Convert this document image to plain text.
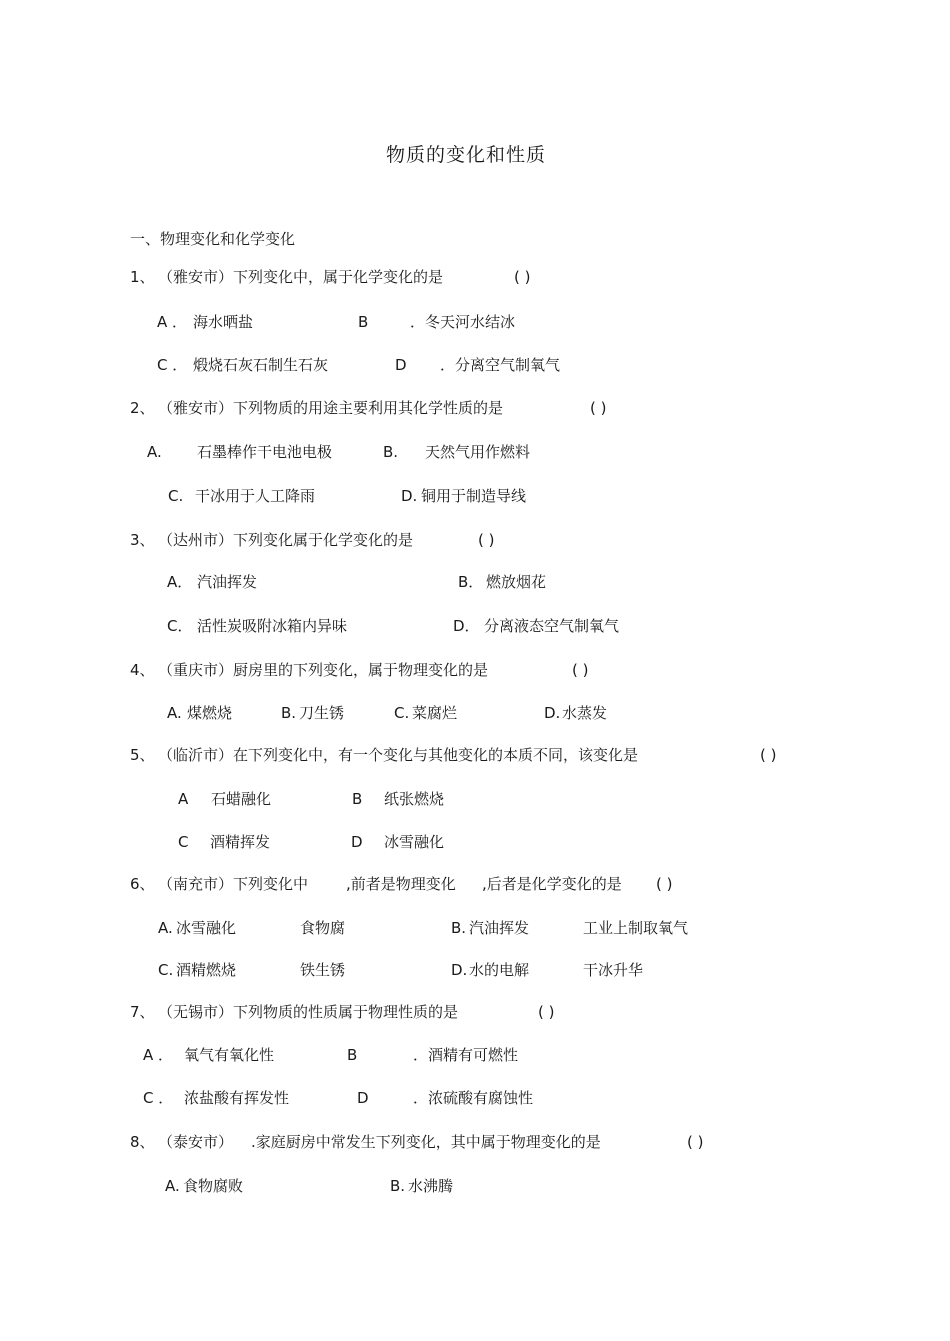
物质的变化和性质
一、物理变化和化学变化
1、 （雅安市）下列变化中，属于化学变化的是	( )
A ． 海水晒盐	B	．冬天河水结冰
C ． 煅烧石灰石制生石灰	D ．分离空气制氧气
2、 （雅安市）下列物质的用途主要利用其化学性质的是	( )
A. 石墨棒作干电池电极	B. 天然气用作燃料
C. 干冰用于人工降雨	D. 铜用于制造导线
3、 （达州市）下列变化属于化学变化的是	( )
A． 汽油挥发	B． 燃放烟花
C． 活性炭吸附冰箱内异味	D． 分离液态空气制氧气
4、 （重庆市）厨房里的下列变化，属于物理变化的是	( )
A. 煤燃烧	B. 刀生锈	C. 菜腐烂	D. 水蒸发
5、 （临沂市）在下列变化中，有一个变化与其他变化的本质不同，该变化是	( )
A 石蜡融化	B 纸张燃烧
C 酒精挥发	D 冰雪融化
6、 （南充市）下列变化中	,前者是物理变化 ,后者是化学变化的是 ( )
A. 冰雪融化	食物腐	B. 汽油挥发	工业上制取氧气
C. 酒精燃烧	铁生锈	D. 水的电解	干冰升华
7、 （无锡市）下列物质的性质属于物理性质的是	( )
A ． 氧气有氧化性	B	．酒精有可燃性
C ． 浓盐酸有挥发性	D	．浓硫酸有腐蚀性
8、 （泰安市） .家庭厨房中常发生下列变化，其中属于物理变化的是	( )
A. 食物腐败	B. 水沸腾
